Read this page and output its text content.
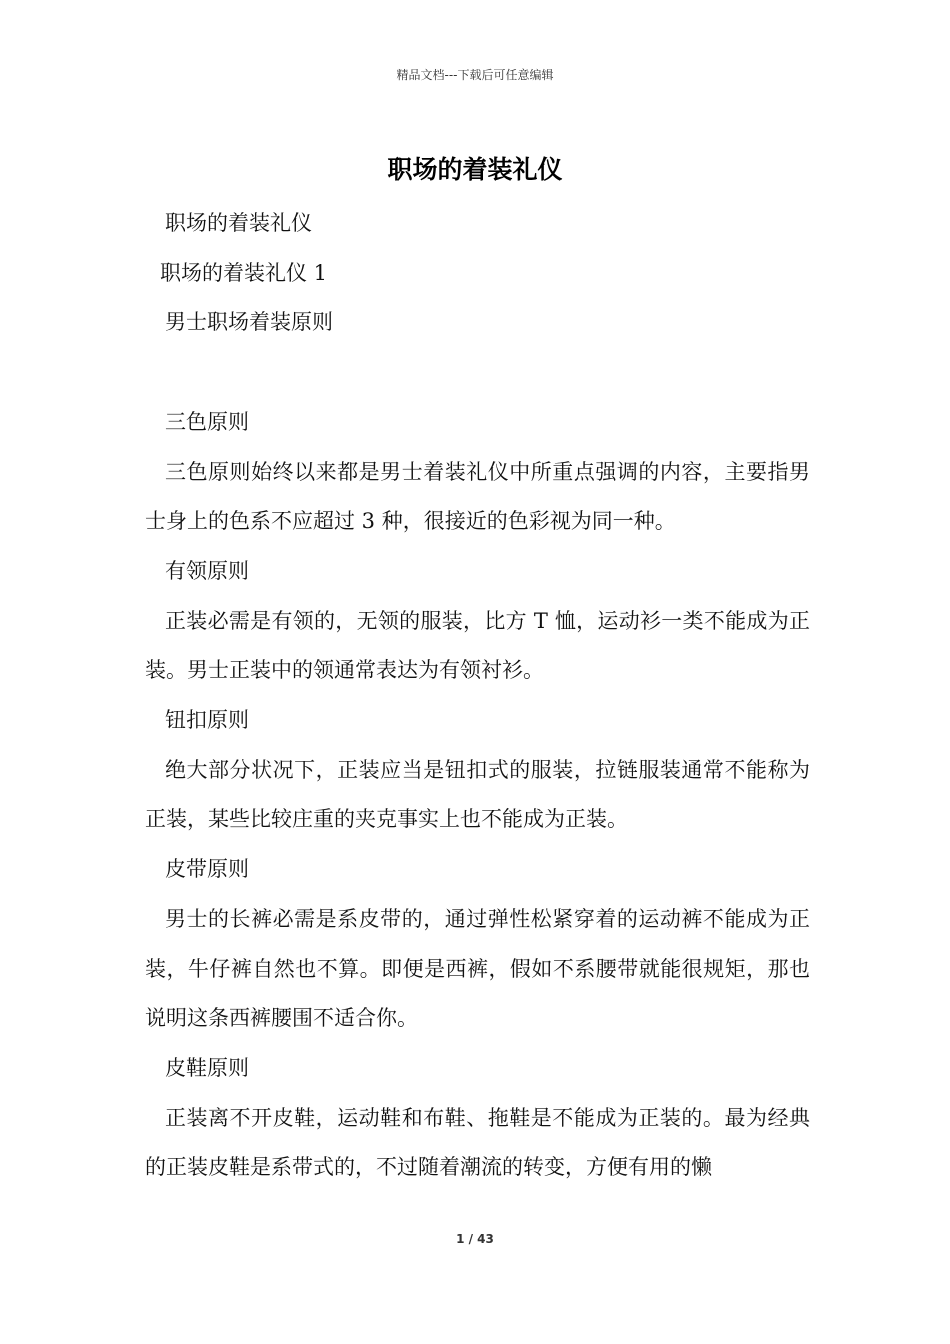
精品文档---下载后可任意编辑
职场的着装礼仪
职场的着装礼仪
职场的着装礼仪 1
男士职场着装原则
三色原则
三色原则始终以来都是男士着装礼仪中所重点强调的内容，主要指男士身上的色系不应超过 3 种，很接近的色彩视为同一种。
有领原则
正装必需是有领的，无领的服装，比方 T 恤，运动衫一类不能成为正装。男士正装中的领通常表达为有领衬衫。
钮扣原则
绝大部分状况下，正装应当是钮扣式的服装，拉链服装通常不能称为正装，某些比较庄重的夹克事实上也不能成为正装。
皮带原则
男士的长裤必需是系皮带的，通过弹性松紧穿着的运动裤不能成为正装，牛仔裤自然也不算。即便是西裤，假如不系腰带就能很规矩，那也说明这条西裤腰围不适合你。
皮鞋原则
正装离不开皮鞋，运动鞋和布鞋、拖鞋是不能成为正装的。最为经典的正装皮鞋是系带式的，不过随着潮流的转变，方便有用的懒
1 / 43
